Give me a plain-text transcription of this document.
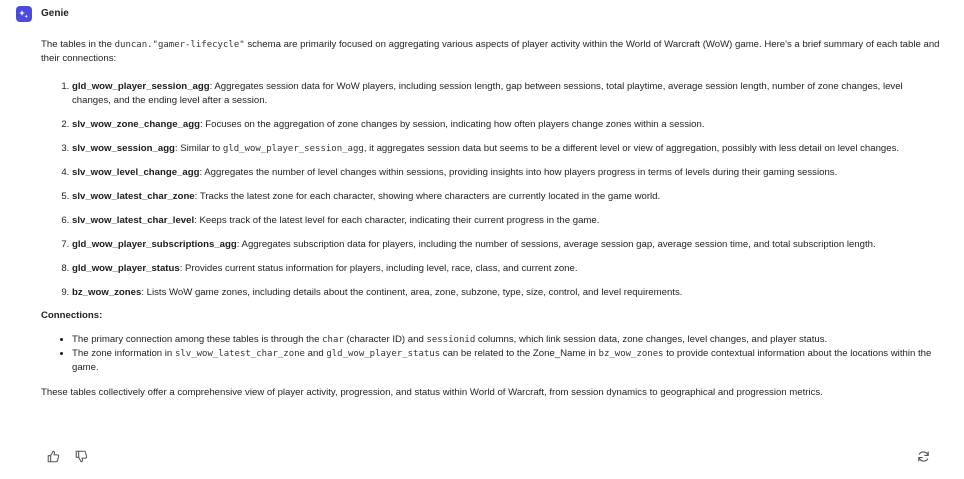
Genie

The tables in the duncan."gamer-lifecycle" schema are primarily focused on aggregating various aspects of player activity within the World of Warcraft (WoW) game. Here's a brief summary of each table and their connections:

1. gld_wow_player_session_agg: Aggregates session data for WoW players, including session length, gap between sessions, total playtime, average session length, number of zone changes, level changes, and the ending level after a session.
2. slv_wow_zone_change_agg: Focuses on the aggregation of zone changes by session, indicating how often players change zones within a session.
3. slv_wow_session_agg: Similar to gld_wow_player_session_agg, it aggregates session data but seems to be a different level or view of aggregation, possibly with less detail on level changes.
4. slv_wow_level_change_agg: Aggregates the number of level changes within sessions, providing insights into how players progress in terms of levels during their gaming sessions.
5. slv_wow_latest_char_zone: Tracks the latest zone for each character, showing where characters are currently located in the game world.
6. slv_wow_latest_char_level: Keeps track of the latest level for each character, indicating their current progress in the game.
7. gld_wow_player_subscriptions_agg: Aggregates subscription data for players, including the number of sessions, average session gap, average session time, and total subscription length.
8. gld_wow_player_status: Provides current status information for players, including level, race, class, and current zone.
9. bz_wow_zones: Lists WoW game zones, including details about the continent, area, zone, subzone, type, size, control, and level requirements.

Connections:

• The primary connection among these tables is through the char (character ID) and sessionid columns, which link session data, zone changes, level changes, and player status.
• The zone information in slv_wow_latest_char_zone and gld_wow_player_status can be related to the Zone_Name in bz_wow_zones to provide contextual information about the locations within the game.

These tables collectively offer a comprehensive view of player activity, progression, and status within World of Warcraft, from session dynamics to geographical and progression metrics.
